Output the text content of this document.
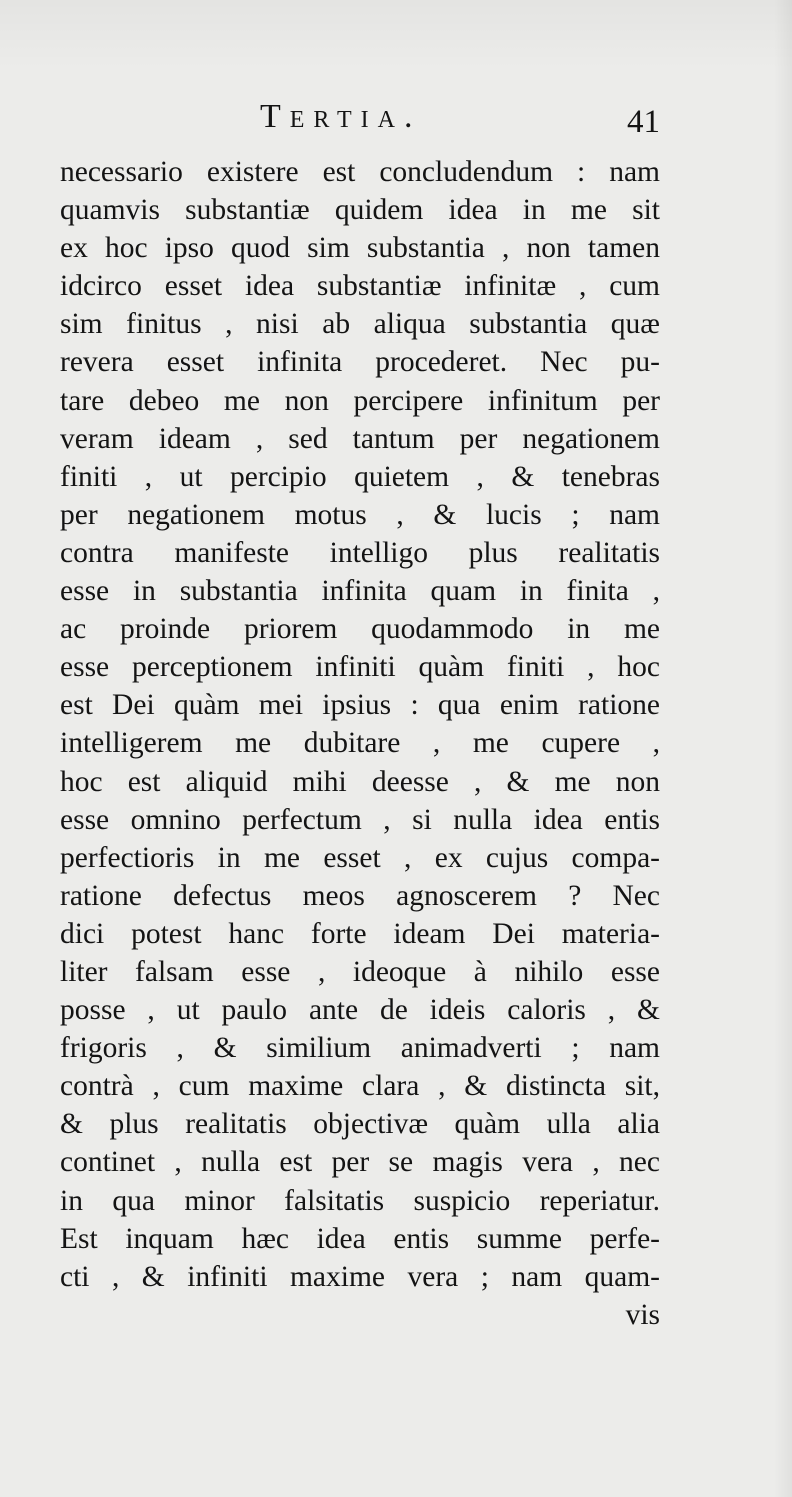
Tertia.	41
necessario existere est concludendum : nam
quamvis substantiæ quidem idea in me sit
ex hoc ipso quod sim substantia , non tamen
idcirco esset idea substantiæ infinitæ , cum
sim finitus , nisi ab aliqua substantia quæ
revera esset infinita procederet. Nec pu-
tare debeo me non percipere infinitum per
veram ideam , sed tantum per negationem
finiti , ut percipio quietem , & tenebras
per negationem motus , & lucis ; nam
contra manifeste intelligo plus realitatis
esse in substantia infinita quam in finita ,
ac proinde priorem quodammodo in me
esse perceptionem infiniti quàm finiti , hoc
est Dei quàm mei ipsius : qua enim ratione
intelligerem me dubitare , me cupere ,
hoc est aliquid mihi deesse , & me non
esse omnino perfectum , si nulla idea entis
perfectioris in me esset , ex cujus compa-
ratione defectus meos agnoscerem ? Nec
dici potest hanc forte ideam Dei materia-
liter falsam esse , ideoque à nihilo esse
posse , ut paulo ante de ideis caloris , &
frigoris , & similium animadverti ; nam
contrà , cum maxime clara , & distincta sit,
& plus realitatis objectivæ quàm ulla alia
continet , nulla est per se magis vera , nec
in qua minor falsitatis suspicio reperiatur.
Est inquam hæc idea entis summe perfe-
cti , & infiniti maxime vera ; nam quam-
vis
